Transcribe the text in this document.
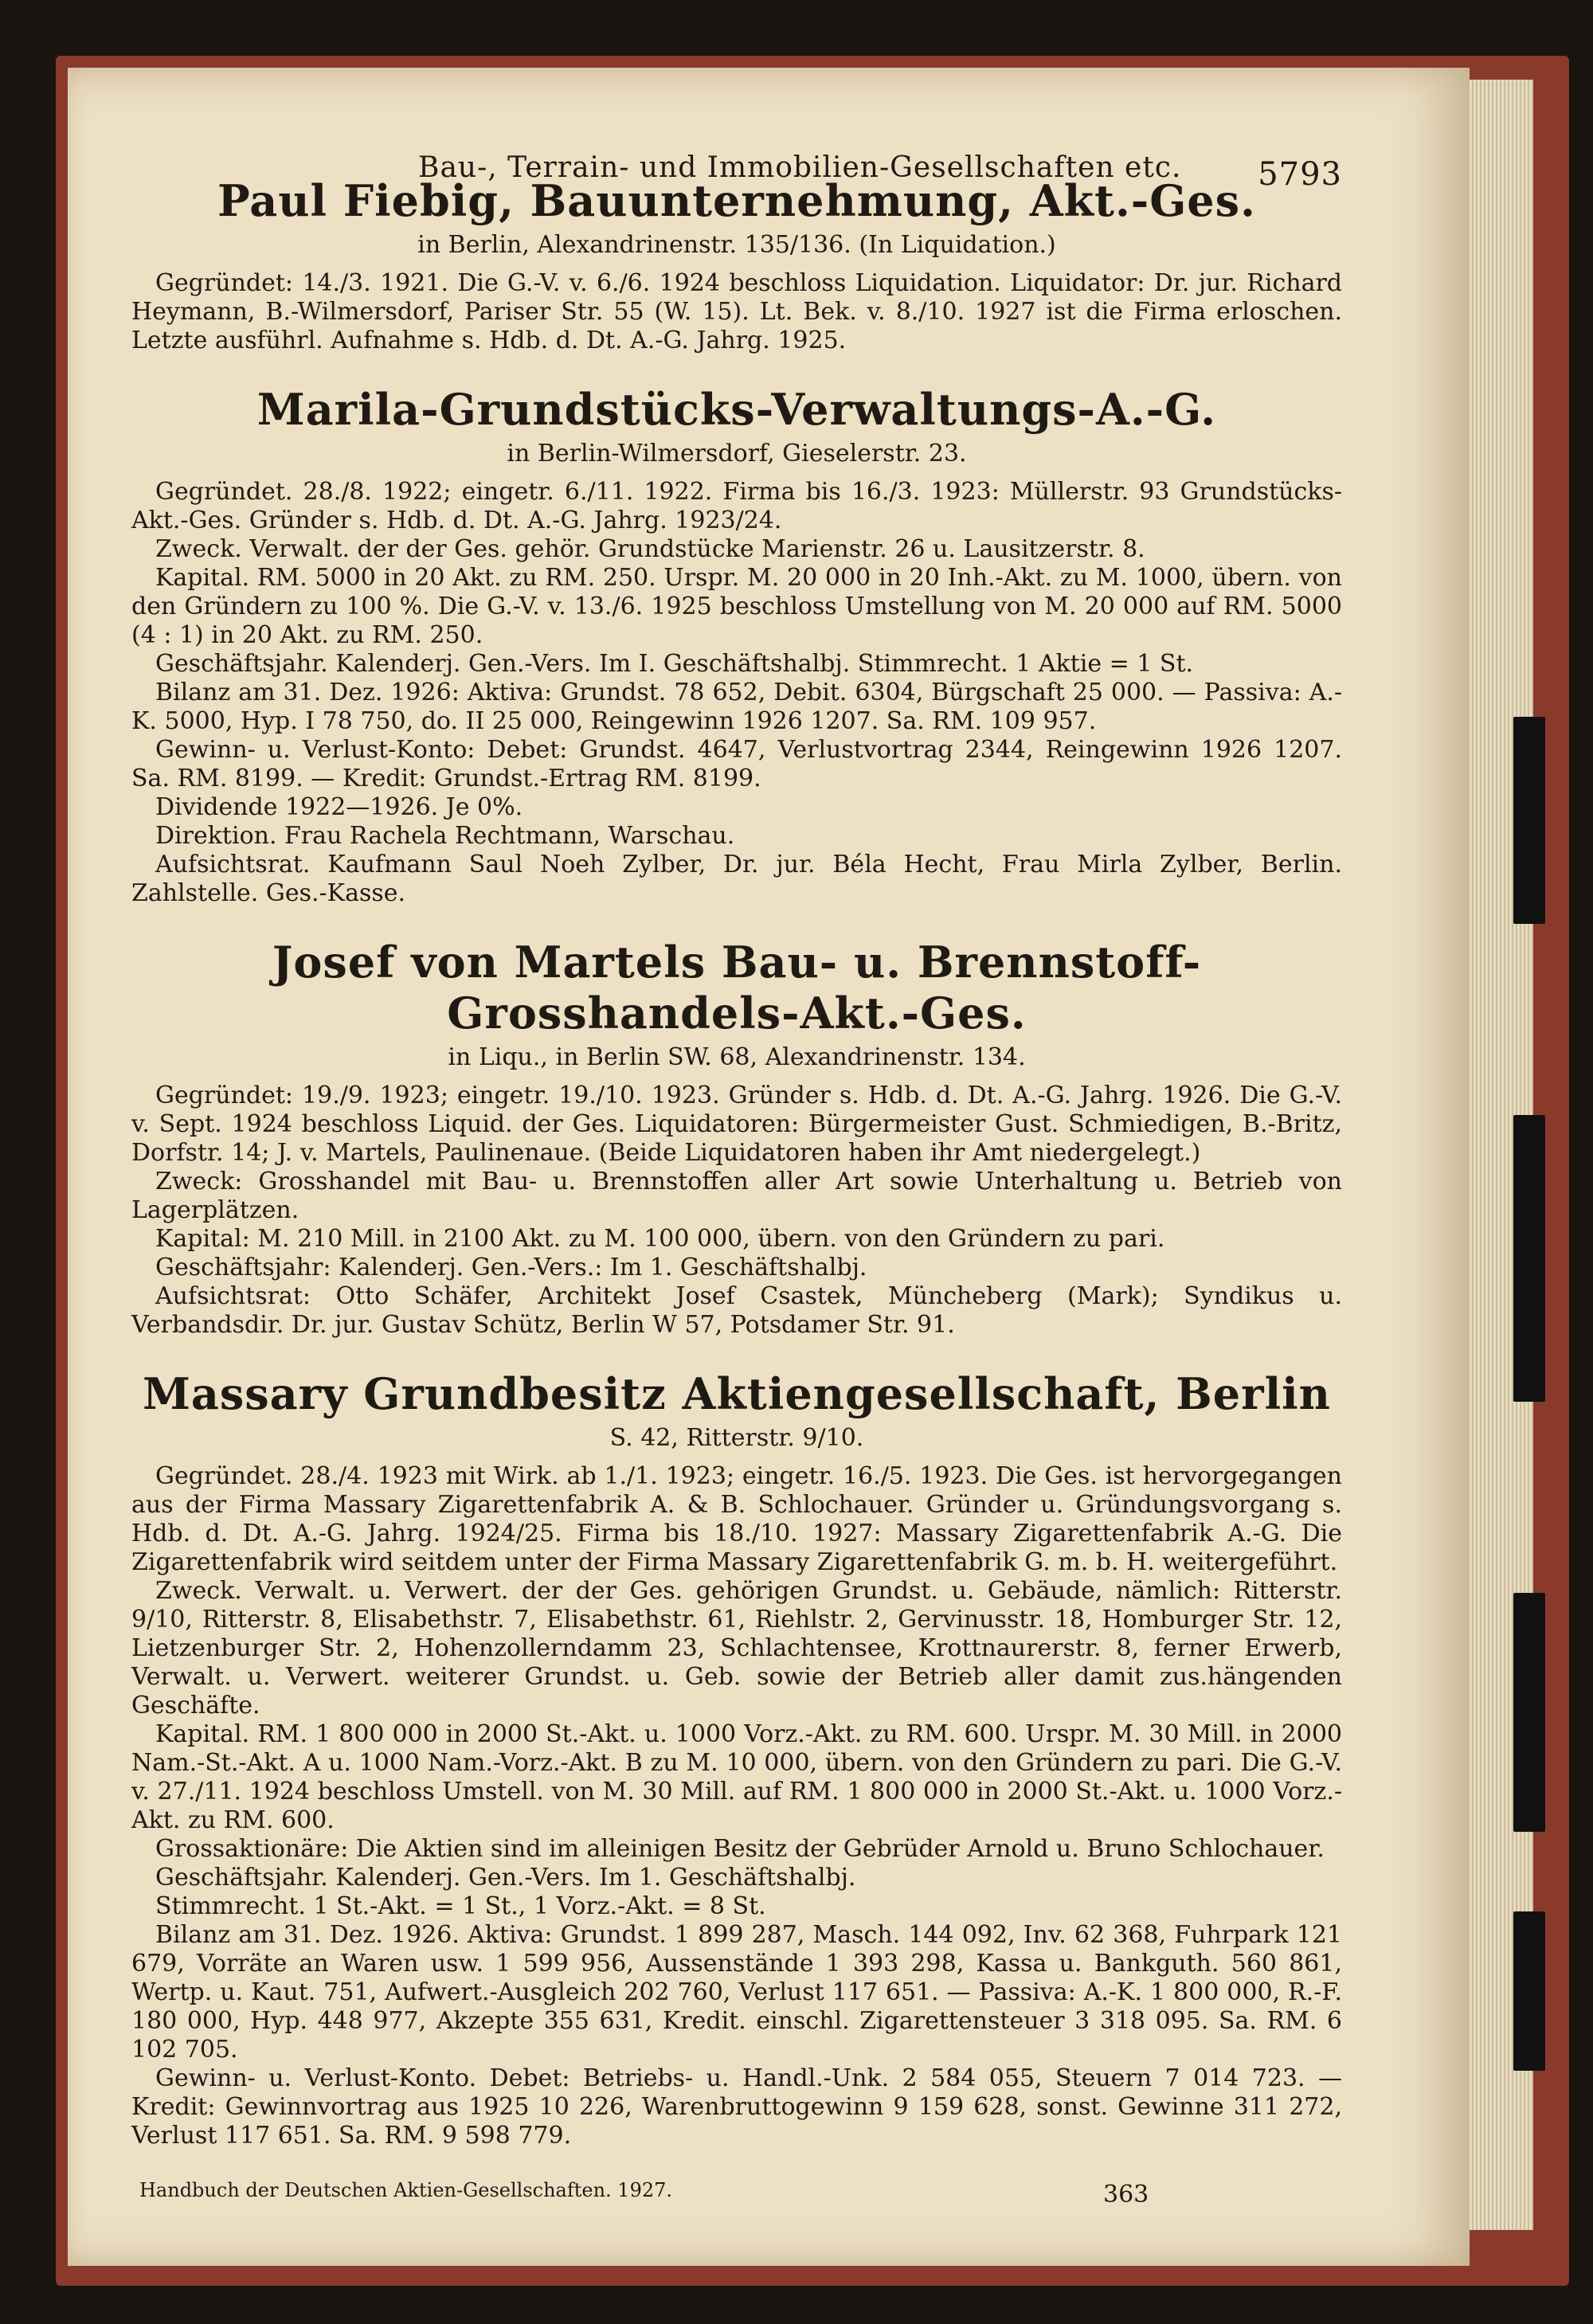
Bau-, Terrain- und Immobilien-Gesellschaften etc. 5793
Paul Fiebig, Bauunternehmung, Akt.-Ges.
in Berlin, Alexandrinenstr. 135/136. (In Liquidation.)

Gegründet: 14./3. 1921. Die G.-V. v. 6./6. 1924 beschloss Liquidation. Liquidator: Dr. jur. Richard Heymann, B.-Wilmersdorf, Pariser Str. 55 (W. 15). Lt. Bek. v. 8./10. 1927 ist die Firma erloschen. Letzte ausführl. Aufnahme s. Hdb. d. Dt. A.-G. Jahrg. 1925.

Marila-Grundstücks-Verwaltungs-A.-G.
in Berlin-Wilmersdorf, Gieselerstr. 23.

Gegründet. 28./8. 1922; eingetr. 6./11. 1922. Firma bis 16./3. 1923: Müllerstr. 93 Grundstücks-Akt.-Ges. Gründer s. Hdb. d. Dt. A.-G. Jahrg. 1923/24.

Zweck. Verwalt. der der Ges. gehör. Grundstücke Marienstr. 26 u. Lausitzerstr. 8.

Kapital. RM. 5000 in 20 Akt. zu RM. 250. Urspr. M. 20 000 in 20 Inh.-Akt. zu M. 1000, übern. von den Gründern zu 100 %. Die G.-V. v. 13./6. 1925 beschloss Umstellung von M. 20 000 auf RM. 5000 (4 : 1) in 20 Akt. zu RM. 250.

Geschäftsjahr. Kalenderj. Gen.-Vers. Im I. Geschäftshalbj. Stimmrecht. 1 Aktie = 1 St.

Bilanz am 31. Dez. 1926: Aktiva: Grundst. 78 652, Debit. 6304, Bürgschaft 25 000. — Passiva: A.-K. 5000, Hyp. I 78 750, do. II 25 000, Reingewinn 1926 1207. Sa. RM. 109 957.

Gewinn- u. Verlust-Konto: Debet: Grundst. 4647, Verlustvortrag 2344, Reingewinn 1926 1207. Sa. RM. 8199. — Kredit: Grundst.-Ertrag RM. 8199.

Dividende 1922—1926. Je 0%.

Direktion. Frau Rachela Rechtmann, Warschau.

Aufsichtsrat. Kaufmann Saul Noeh Zylber, Dr. jur. Béla Hecht, Frau Mirla Zylber, Berlin. Zahlstelle. Ges.-Kasse.

Josef von Martels Bau- u. Brennstoff-Grosshandels-Akt.-Ges.
in Liqu., in Berlin SW. 68, Alexandrinenstr. 134.

Gegründet: 19./9. 1923; eingetr. 19./10. 1923. Gründer s. Hdb. d. Dt. A.-G. Jahrg. 1926. Die G.-V. v. Sept. 1924 beschloss Liquid. der Ges. Liquidatoren: Bürgermeister Gust. Schmiedigen, B.-Britz, Dorfstr. 14; J. v. Martels, Paulinenaue. (Beide Liquidatoren haben ihr Amt niedergelegt.)

Zweck: Grosshandel mit Bau- u. Brennstoffen aller Art sowie Unterhaltung u. Betrieb von Lagerplätzen.

Kapital: M. 210 Mill. in 2100 Akt. zu M. 100 000, übern. von den Gründern zu pari.

Geschäftsjahr: Kalenderj. Gen.-Vers.: Im 1. Geschäftshalbj.

Aufsichtsrat: Otto Schäfer, Architekt Josef Csastek, Müncheberg (Mark); Syndikus u. Verbandsdir. Dr. jur. Gustav Schütz, Berlin W 57, Potsdamer Str. 91.

Massary Grundbesitz Aktiengesellschaft, Berlin
S. 42, Ritterstr. 9/10.

Gegründet. 28./4. 1923 mit Wirk. ab 1./1. 1923; eingetr. 16./5. 1923. Die Ges. ist hervorgegangen aus der Firma Massary Zigarettenfabrik A. & B. Schlochauer. Gründer u. Gründungsvorgang s. Hdb. d. Dt. A.-G. Jahrg. 1924/25. Firma bis 18./10. 1927: Massary Zigarettenfabrik A.-G. Die Zigarettenfabrik wird seitdem unter der Firma Massary Zigarettenfabrik G. m. b. H. weitergeführt.

Zweck. Verwalt. u. Verwert. der der Ges. gehörigen Grundst. u. Gebäude, nämlich: Ritterstr. 9/10, Ritterstr. 8, Elisabethstr. 7, Elisabethstr. 61, Riehlstr. 2, Gervinusstr. 18, Homburger Str. 12, Lietzenburger Str. 2, Hohenzollerndamm 23, Schlachtensee, Krottnaurerstr. 8, ferner Erwerb, Verwalt. u. Verwert. weiterer Grundst. u. Geb. sowie der Betrieb aller damit zus.hängenden Geschäfte.

Kapital. RM. 1 800 000 in 2000 St.-Akt. u. 1000 Vorz.-Akt. zu RM. 600. Urspr. M. 30 Mill. in 2000 Nam.-St.-Akt. A u. 1000 Nam.-Vorz.-Akt. B zu M. 10 000, übern. von den Gründern zu pari. Die G.-V. v. 27./11. 1924 beschloss Umstell. von M. 30 Mill. auf RM. 1 800 000 in 2000 St.-Akt. u. 1000 Vorz.-Akt. zu RM. 600.

Grossaktionäre: Die Aktien sind im alleinigen Besitz der Gebrüder Arnold u. Bruno Schlochauer.

Geschäftsjahr. Kalenderj. Gen.-Vers. Im 1. Geschäftshalbj.

Stimmrecht. 1 St.-Akt. = 1 St., 1 Vorz.-Akt. = 8 St.

Bilanz am 31. Dez. 1926. Aktiva: Grundst. 1 899 287, Masch. 144 092, Inv. 62 368, Fuhrpark 121 679, Vorräte an Waren usw. 1 599 956, Aussenstände 1 393 298, Kassa u. Bankguth. 560 861, Wertp. u. Kaut. 751, Aufwert.-Ausgleich 202 760, Verlust 117 651. — Passiva: A.-K. 1 800 000, R.-F. 180 000, Hyp. 448 977, Akzepte 355 631, Kredit. einschl. Zigarettensteuer 3 318 095. Sa. RM. 6 102 705.

Gewinn- u. Verlust-Konto. Debet: Betriebs- u. Handl.-Unk. 2 584 055, Steuern 7 014 723. — Kredit: Gewinnvortrag aus 1925 10 226, Warenbruttogewinn 9 159 628, sonst. Gewinne 311 272, Verlust 117 651. Sa. RM. 9 598 779.

Handbuch der Deutschen Aktien-Gesellschaften. 1927.	363
